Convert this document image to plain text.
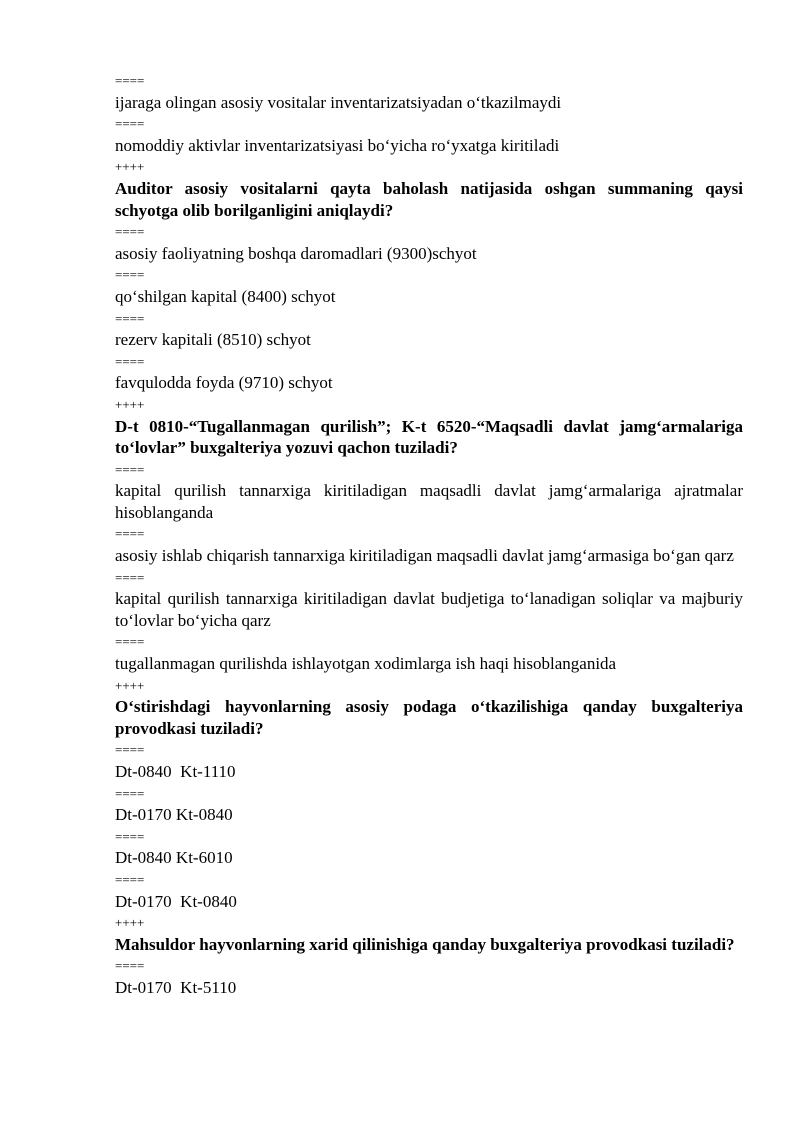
====

ijaraga olingan asosiy vositalar inventarizatsiyadan o‘tkazilmaydi

====

nomoddiy aktivlar inventarizatsiyasi bo‘yicha ro‘yxatga kiritiladi

++++

Auditor asosiy vositalarni qayta baholash natijasida oshgan summaning qaysi schyotga olib borilganligini aniqlaydi?

====

asosiy faoliyatning boshqa daromadlari (9300)schyot

====

qo‘shilgan kapital (8400) schyot

====

rezerv kapitali (8510) schyot

====

favqulodda foyda (9710) schyot

++++

D-t 0810-“Tugallanmagan qurilish”; K-t 6520-“Maqsadli davlat jamg‘armalariga to‘lovlar” buxgalteriya yozuvi qachon tuziladi?

====

kapital qurilish tannarxiga kiritiladigan maqsadli davlat jamg‘armalariga ajratmalar hisoblanganda

====

asosiy ishlab chiqarish tannarxiga kiritiladigan maqsadli davlat jamg‘armasiga bo‘gan qarz

====

kapital qurilish tannarxiga kiritiladigan davlat budjetiga to‘lanadigan soliqlar va majburiy to‘lovlar bo‘yicha qarz

====

tugallanmagan qurilishda ishlayotgan xodimlarga ish haqi hisoblanganida

++++

O‘stirishdagi hayvonlarning asosiy podaga o‘tkazilishiga qanday buxgalteriya provodkasi tuziladi?

====

Dt-0840  Kt-1110

====

Dt-0170 Kt-0840

====

Dt-0840 Kt-6010

====

Dt-0170  Kt-0840

++++

Mahsuldor hayvonlarning xarid qilinishiga qanday buxgalteriya provodkasi tuziladi?

====

Dt-0170  Kt-5110
